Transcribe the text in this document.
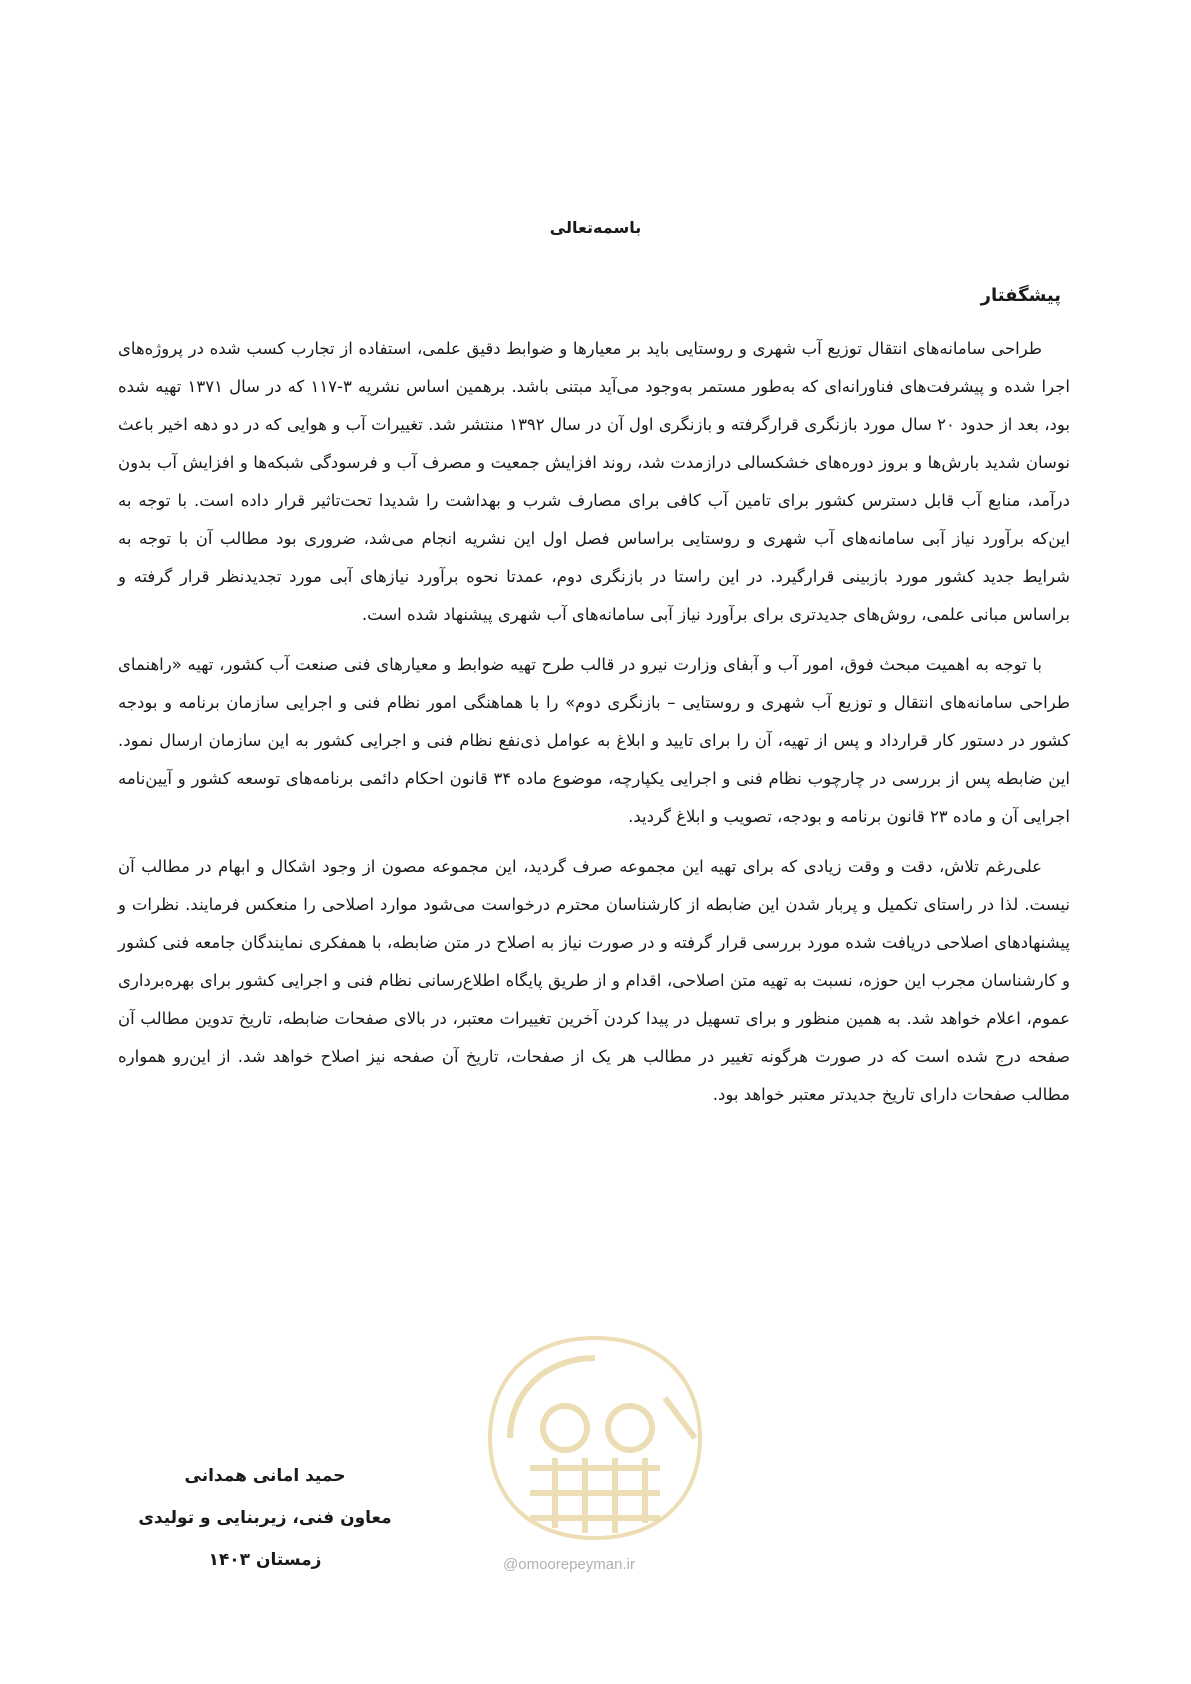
باسمه‌تعالی
پیشگفتار

طراحی سامانه‌های انتقال توزیع آب شهری و روستایی باید بر معیارها و ضوابط دقیق علمی، استفاده از تجارب کسب شده در پروژه‌های اجرا شده و پیشرفت‌های فناورانه‌ای که به‌طور مستمر به‌وجود می‌آید مبتنی باشد. برهمین اساس نشریه ۳-۱۱۷ که در سال ۱۳۷۱ تهیه شده بود، بعد از حدود ۲۰ سال مورد بازنگری قرارگرفته و بازنگری اول آن در سال ۱۳۹۲ منتشر شد. تغییرات آب و هوایی که در دو دهه اخیر باعث نوسان شدید بارش‌ها و بروز دوره‌های خشکسالی درازمدت شد، روند افزایش جمعیت و مصرف آب و فرسودگی شبکه‌ها و افزایش آب بدون درآمد، منابع آب قابل دسترس کشور برای تامین آب کافی برای مصارف شرب و بهداشت را شدیدا تحت‌تاثیر قرار داده است. با توجه به این‌که برآورد نیاز آبی سامانه‌های آب شهری و روستایی براساس فصل اول این نشریه انجام می‌شد، ضروری بود مطالب آن با توجه به شرایط جدید کشور مورد بازبینی قرارگیرد. در این راستا در بازنگری دوم، عمدتا نحوه برآورد نیازهای آبی مورد تجدیدنظر قرار گرفته و براساس مبانی علمی، روش‌های جدیدتری برای برآورد نیاز آبی سامانه‌های آب شهری پیشنهاد شده است.

با توجه به اهمیت مبحث فوق، امور آب و آبفای وزارت نیرو در قالب طرح تهیه ضوابط و معیارهای فنی صنعت آب کشور، تهیه «راهنمای طراحی سامانه‌های انتقال و توزیع آب شهری و روستایی – بازنگری دوم» را با هماهنگی امور نظام فنی و اجرایی سازمان برنامه و بودجه کشور در دستور کار قرارداد و پس از تهیه، آن را برای تایید و ابلاغ به عوامل ذی‌نفع نظام فنی و اجرایی کشور به این سازمان ارسال نمود. این ضابطه پس از بررسی در چارچوب نظام فنی و اجرایی یکپارچه، موضوع ماده ۳۴ قانون احکام دائمی برنامه‌های توسعه کشور و آیین‌نامه اجرایی آن و ماده ۲۳ قانون برنامه و بودجه، تصویب و ابلاغ گردید.

علی‌رغم تلاش، دقت و وقت زیادی که برای تهیه این مجموعه صرف گردید، این مجموعه مصون از وجود اشکال و ابهام در مطالب آن نیست. لذا در راستای تکمیل و پربار شدن این ضابطه از کارشناسان محترم درخواست می‌شود موارد اصلاحی را منعکس فرمایند. نظرات و پیشنهادهای اصلاحی دریافت شده مورد بررسی قرار گرفته و در صورت نیاز به اصلاح در متن ضابطه، با همفکری نمایندگان جامعه فنی کشور و کارشناسان مجرب این حوزه، نسبت به تهیه متن اصلاحی، اقدام و از طریق پایگاه اطلاع‌رسانی نظام فنی و اجرایی کشور برای بهره‌برداری عموم، اعلام خواهد شد. به همین منظور و برای تسهیل در پیدا کردن آخرین تغییرات معتبر، در بالای صفحات ضابطه، تاریخ تدوین مطالب آن صفحه درج شده است که در صورت هرگونه تغییر در مطالب هر یک از صفحات، تاریخ آن صفحه نیز اصلاح خواهد شد. از این‌رو همواره مطالب صفحات دارای تاریخ جدیدتر معتبر خواهد بود.

@omoorepeyman.ir
حمید امانی همدانی
معاون فنی، زیربنایی و تولیدی
زمستان ۱۴۰۳
